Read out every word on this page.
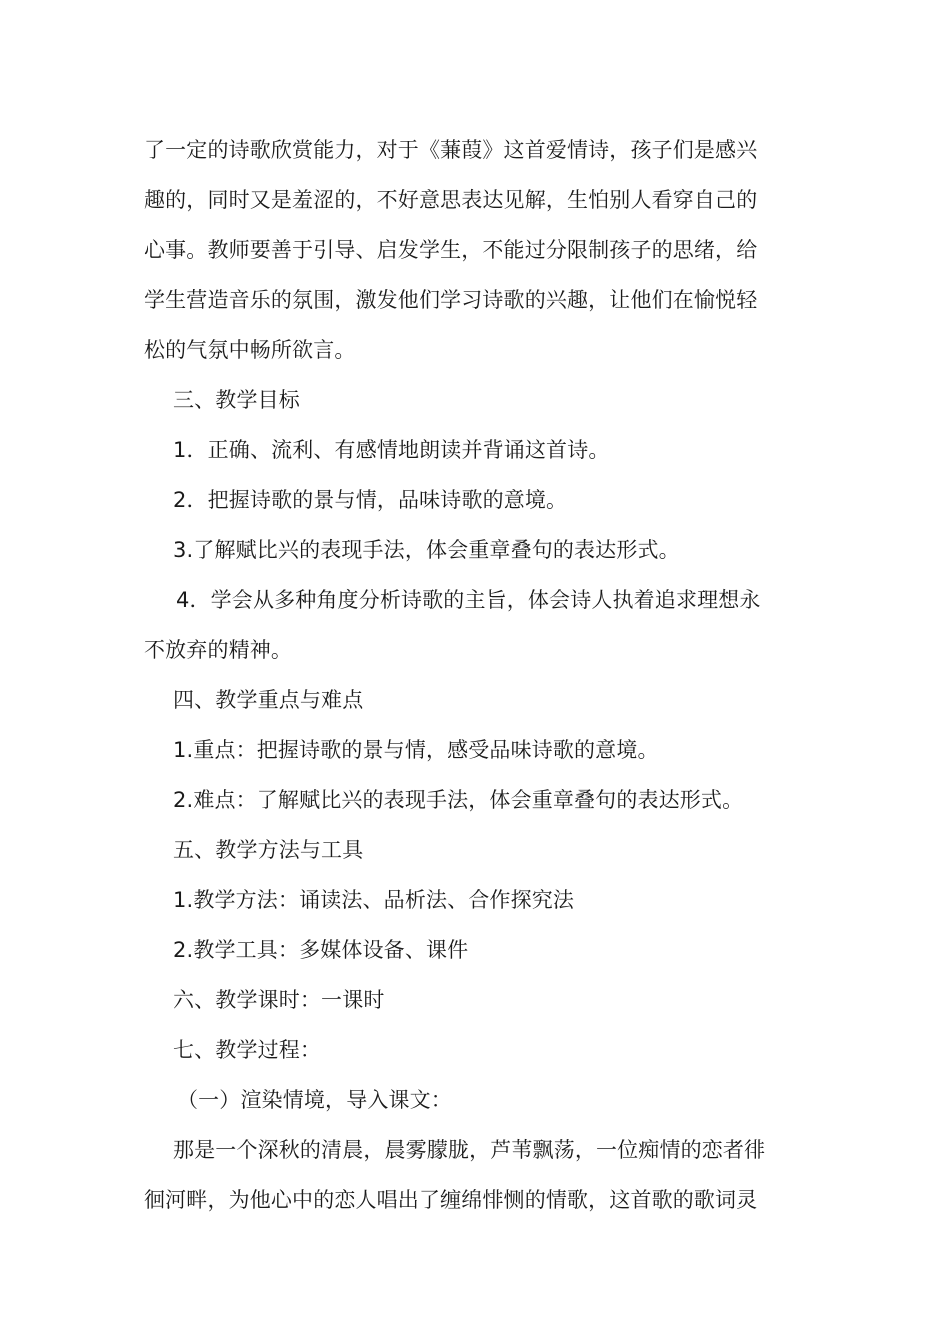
了一定的诗歌欣赏能力，对于《蒹葭》这首爱情诗，孩子们是感兴
趣的，同时又是羞涩的，不好意思表达见解，生怕别人看穿自己的
心事。教师要善于引导、启发学生，不能过分限制孩子的思绪，给
学生营造音乐的氛围，激发他们学习诗歌的兴趣，让他们在愉悦轻
松的气氛中畅所欲言。
三、教学目标
1．正确、流利、有感情地朗读并背诵这首诗。
2．把握诗歌的景与情，品味诗歌的意境。
3.了解赋比兴的表现手法，体会重章叠句的表达形式。
4．学会从多种角度分析诗歌的主旨，体会诗人执着追求理想永
不放弃的精神。
四、教学重点与难点
1.重点：把握诗歌的景与情，感受品味诗歌的意境。
2.难点：了解赋比兴的表现手法，体会重章叠句的表达形式。
五、教学方法与工具
1.教学方法：诵读法、品析法、合作探究法
2.教学工具：多媒体设备、课件
六、教学课时：一课时
七、教学过程：
（一）渲染情境，导入课文：
那是一个深秋的清晨，晨雾朦胧，芦苇飘荡，一位痴情的恋者徘
徊河畔，为他心中的恋人唱出了缠绵悱恻的情歌，这首歌的歌词灵
